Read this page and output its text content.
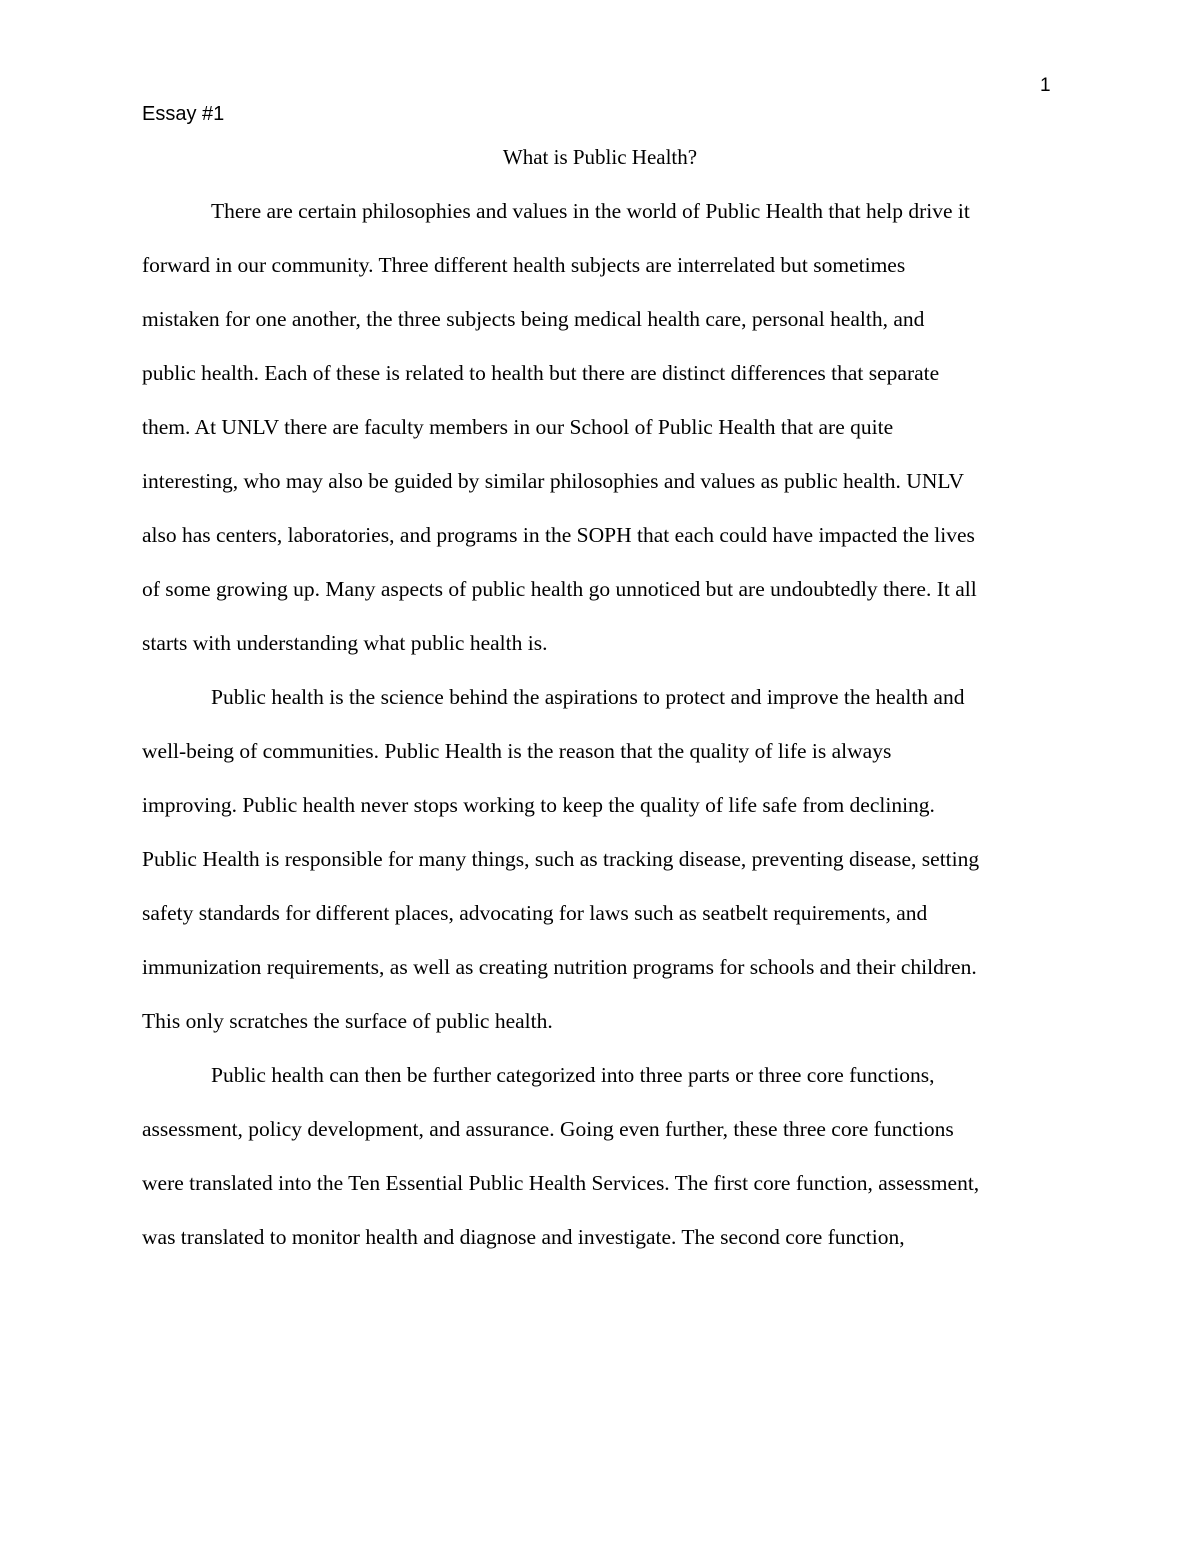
1
Essay #1
What is Public Health?
There are certain philosophies and values in the world of Public Health that help drive it
forward in our community. Three different health subjects are interrelated but sometimes
mistaken for one another, the three subjects being medical health care, personal health, and
public health. Each of these is related to health but there are distinct differences that separate
them. At UNLV there are faculty members in our School of Public Health that are quite
interesting, who may also be guided by similar philosophies and values as public health. UNLV
also has centers, laboratories, and programs in the SOPH that each could have impacted the lives
of some growing up. Many aspects of public health go unnoticed but are undoubtedly there. It all
starts with understanding what public health is.
Public health is the science behind the aspirations to protect and improve the health and
well-being of communities. Public Health is the reason that the quality of life is always
improving. Public health never stops working to keep the quality of life safe from declining.
Public Health is responsible for many things, such as tracking disease, preventing disease, setting
safety standards for different places, advocating for laws such as seatbelt requirements, and
immunization requirements, as well as creating nutrition programs for schools and their children.
This only scratches the surface of public health.
Public health can then be further categorized into three parts or three core functions,
assessment, policy development, and assurance. Going even further, these three core functions
were translated into the Ten Essential Public Health Services. The first core function, assessment,
was translated to monitor health and diagnose and investigate. The second core function,
